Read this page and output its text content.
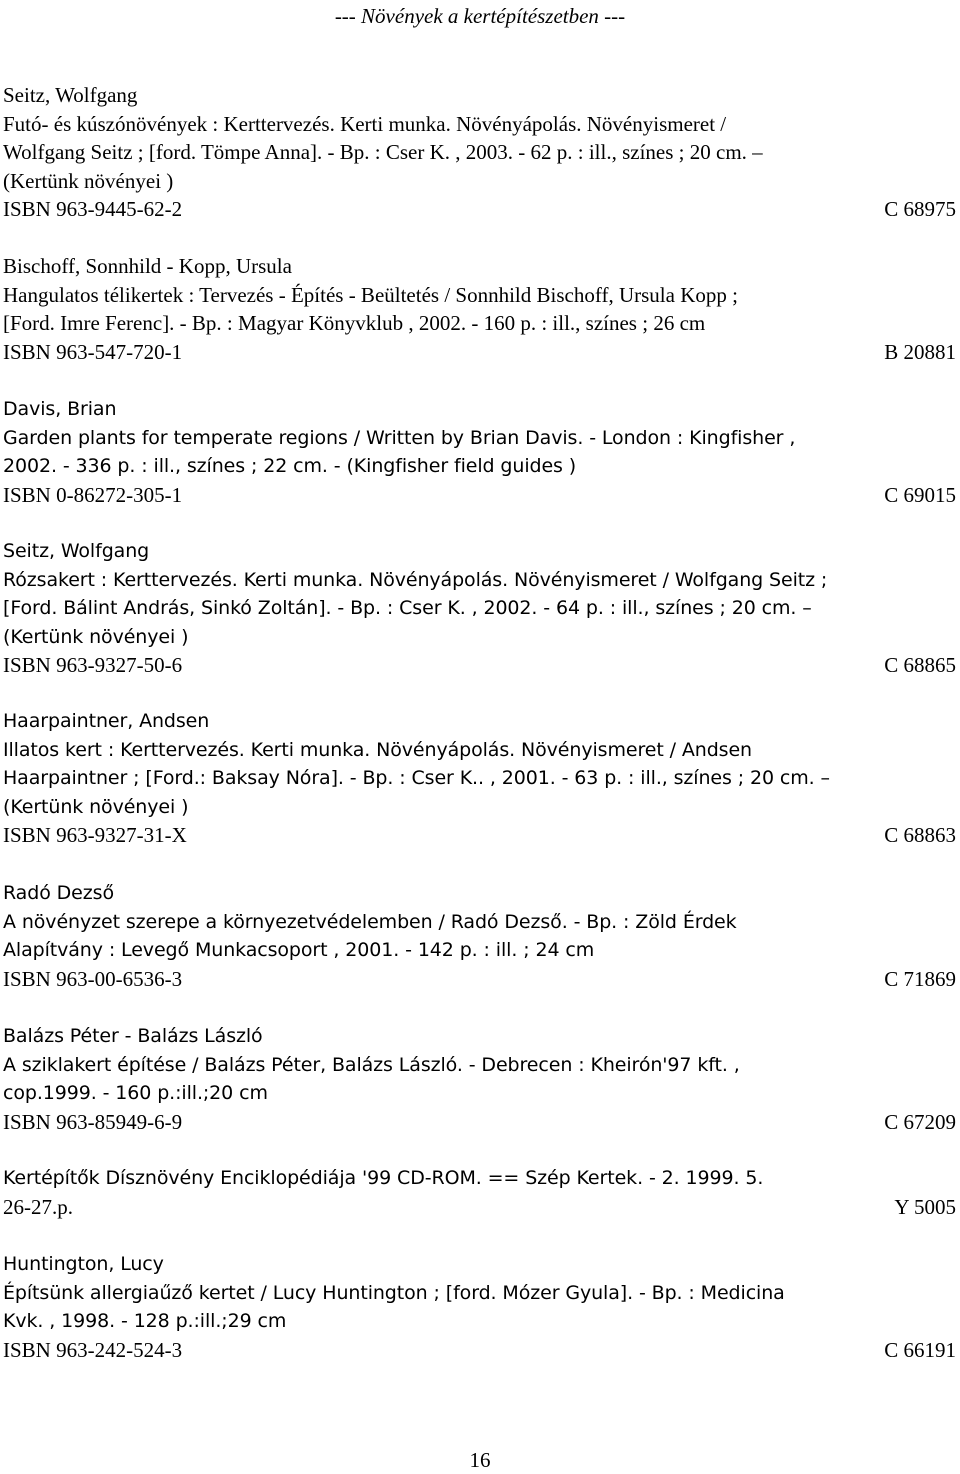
--- Növények a kertépítészetben ---
Seitz, Wolfgang
Futó- és kúszónövények : Kerttervezés. Kerti munka. Növényápolás. Növényismeret /
Wolfgang Seitz ; [ford. Tömpe Anna]. - Bp. : Cser K. , 2003. - 62 p. : ill., színes ; 20 cm. –
(Kertünk növényei )
ISBN 963-9445-62-2	C 68975
Bischoff, Sonnhild - Kopp, Ursula
Hangulatos télikertek : Tervezés - Építés - Beültetés / Sonnhild Bischoff, Ursula Kopp ;
[Ford. Imre Ferenc]. - Bp. : Magyar Könyvklub , 2002. - 160 p. : ill., színes ; 26 cm
ISBN 963-547-720-1	B 20881
Davis, Brian
Garden plants for temperate regions / Written by Brian Davis. - London : Kingfisher ,
2002. - 336 p. : ill., színes ; 22 cm. - (Kingfisher field guides )
ISBN 0-86272-305-1	C 69015
Seitz, Wolfgang
Rózsakert : Kerttervezés. Kerti munka. Növényápolás. Növényismeret / Wolfgang Seitz ;
[Ford. Bálint András, Sinkó Zoltán]. - Bp. : Cser K. , 2002. - 64 p. : ill., színes ; 20 cm. –
(Kertünk növényei )
ISBN 963-9327-50-6	C 68865
Haarpaintner, Andsen
Illatos kert : Kerttervezés. Kerti munka. Növényápolás. Növényismeret / Andsen
Haarpaintner ; [Ford.: Baksay Nóra]. - Bp. : Cser K.. , 2001. - 63 p. : ill., színes ; 20 cm. –
(Kertünk növényei )
ISBN 963-9327-31-X	C 68863
Radó Dezső
A növényzet szerepe a környezetvédelemben / Radó Dezső. - Bp. : Zöld Érdek
Alapítvány : Levegő Munkacsoport , 2001. - 142 p. : ill. ; 24 cm
ISBN 963-00-6536-3	C 71869
Balázs Péter - Balázs László
A sziklakert építése / Balázs Péter, Balázs László. - Debrecen : Kheirón'97 kft. ,
cop.1999. - 160 p.:ill.;20 cm
ISBN 963-85949-6-9	C 67209
Kertépítők Dísznövény Enciklopédiája '99 CD-ROM. == Szép Kertek. - 2. 1999. 5.
26-27.p.	Y 5005
Huntington, Lucy
Építsünk allergiaűző kertet / Lucy Huntington ; [ford. Mózer Gyula]. - Bp. : Medicina
Kvk. , 1998. - 128 p.:ill.;29 cm
ISBN 963-242-524-3	C 66191
16
